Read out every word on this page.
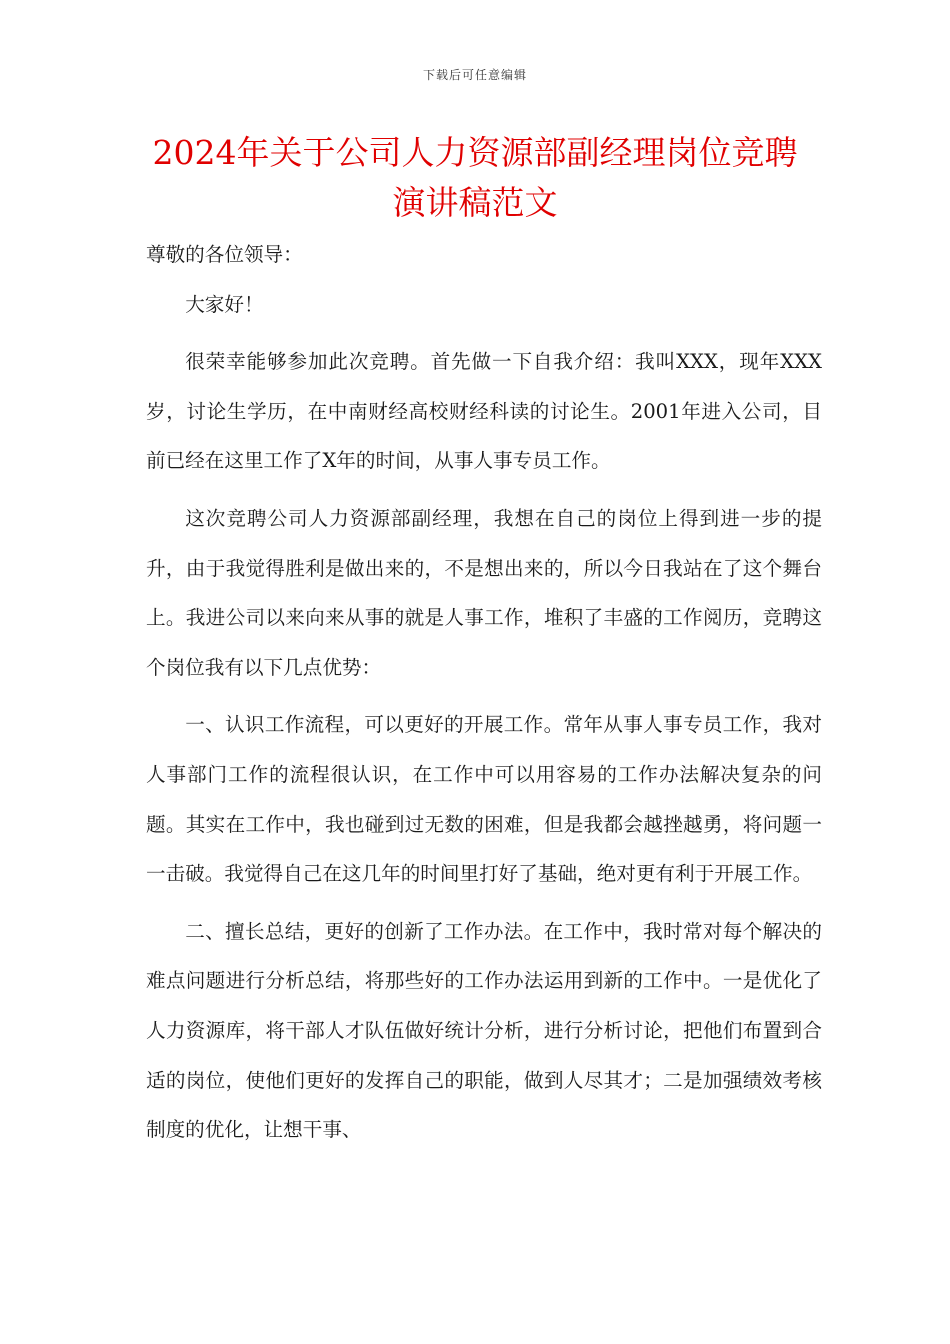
下载后可任意编辑
2024年关于公司人力资源部副经理岗位竞聘演讲稿范文

尊敬的各位领导：

大家好！

很荣幸能够参加此次竞聘。首先做一下自我介绍：我叫XXX，现年XXX岁，讨论生学历，在中南财经高校财经科读的讨论生。2001年进入公司，目前已经在这里工作了X年的时间，从事人事专员工作。

这次竞聘公司人力资源部副经理，我想在自己的岗位上得到进一步的提升，由于我觉得胜利是做出来的，不是想出来的，所以今日我站在了这个舞台上。我进公司以来向来从事的就是人事工作，堆积了丰盛的工作阅历，竞聘这个岗位我有以下几点优势：

一、认识工作流程，可以更好的开展工作。常年从事人事专员工作，我对人事部门工作的流程很认识，在工作中可以用容易的工作办法解决复杂的问题。其实在工作中，我也碰到过无数的困难，但是我都会越挫越勇，将问题一一击破。我觉得自己在这几年的时间里打好了基础，绝对更有利于开展工作。

二、擅长总结，更好的创新了工作办法。在工作中，我时常对每个解决的难点问题进行分析总结，将那些好的工作办法运用到新的工作中。一是优化了人力资源库，将干部人才队伍做好统计分析，进行分析讨论，把他们布置到合适的岗位，使他们更好的发挥自己的职能，做到人尽其才；二是加强绩效考核制度的优化，让想干事、
